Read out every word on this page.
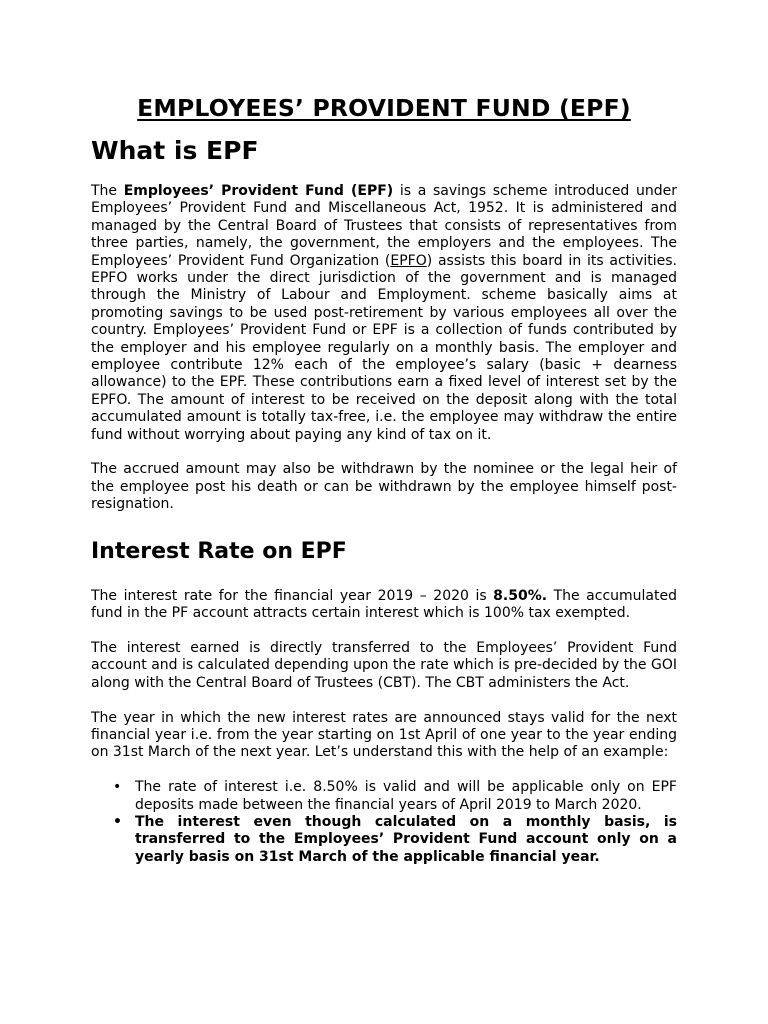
EMPLOYEES’ PROVIDENT FUND (EPF)
What is EPF

The Employees’ Provident Fund (EPF) is a savings scheme introduced under Employees’ Provident Fund and Miscellaneous Act, 1952. It is administered and managed by the Central Board of Trustees that consists of representatives from three parties, namely, the government, the employers and the employees. The Employees’ Provident Fund Organization (EPFO) assists this board in its activities. EPFO works under the direct jurisdiction of the government and is managed through the Ministry of Labour and Employment. scheme basically aims at promoting savings to be used post-retirement by various employees all over the country. Employees’ Provident Fund or EPF is a collection of funds contributed by the employer and his employee regularly on a monthly basis. The employer and employee contribute 12% each of the employee’s salary (basic + dearness allowance) to the EPF. These contributions earn a fixed level of interest set by the EPFO. The amount of interest to be received on the deposit along with the total accumulated amount is totally tax-free, i.e. the employee may withdraw the entire fund without worrying about paying any kind of tax on it.

The accrued amount may also be withdrawn by the nominee or the legal heir of the employee post his death or can be withdrawn by the employee himself post-resignation.

Interest Rate on EPF

The interest rate for the financial year 2019 – 2020 is 8.50%. The accumulated fund in the PF account attracts certain interest which is 100% tax exempted.

The interest earned is directly transferred to the Employees’ Provident Fund account and is calculated depending upon the rate which is pre-decided by the GOI along with the Central Board of Trustees (CBT). The CBT administers the Act.

The year in which the new interest rates are announced stays valid for the next financial year i.e. from the year starting on 1st April of one year to the year ending on 31st March of the next year. Let’s understand this with the help of an example:

• The rate of interest i.e. 8.50% is valid and will be applicable only on EPF deposits made between the financial years of April 2019 to March 2020.
• The interest even though calculated on a monthly basis, is transferred to the Employees’ Provident Fund account only on a yearly basis on 31st March of the applicable financial year.
